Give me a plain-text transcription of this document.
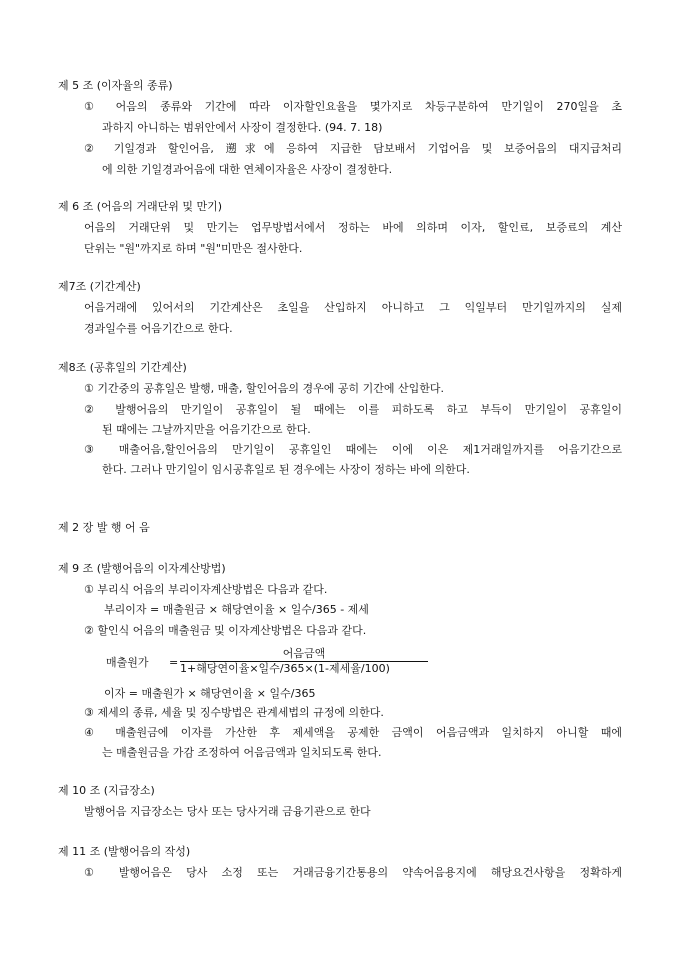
제 5 조 (이자율의 종류)
① 어음의 종류와 기간에 따라 이자할인요율을 몇가지로 차등구분하여 만기일이 270일을 초
과하지 아니하는 범위안에서 사장이 결정한다. (94. 7. 18)
② 기일경과 할인어음, 遡求에 응하여 지급한 담보배서 기업어음 및 보증어음의 대지급처리
에 의한 기일경과어음에 대한 연체이자율은 사장이 결정한다.
제 6 조 (어음의 거래단위 및 만기)
어음의 거래단위 및 만기는 업무방법서에서 정하는 바에 의하며 이자, 할인료, 보증료의 계산
단위는 "원"까지로 하며 "원"미만은 절사한다.
제7조 (기간계산)
어음거래에 있어서의 기간계산은 초일을 산입하지 아니하고 그 익일부터 만기일까지의 실제
경과일수를 어음기간으로 한다.
제8조 (공휴일의 기간계산)
① 기간중의 공휴일은 발행, 매출, 할인어음의 경우에 공히 기간에 산입한다.
② 발행어음의 만기일이 공휴일이 될 때에는 이를 피하도록 하고 부득이 만기일이 공휴일이
된 때에는 그날까지만을 어음기간으로 한다.
③ 매출어음,할인어음의 만기일이 공휴일인 때에는 이에 이은 제1거래일까지를 어음기간으로
한다. 그러나 만기일이 임시공휴일로 된 경우에는 사장이 정하는 바에 의한다.
제 2 장 발 행 어 음
제 9 조 (발행어음의 이자계산방법)
① 부리식 어음의 부리이자계산방법은 다음과 같다.
부리이자 = 매출원금 × 해당연이율 × 일수/365 - 제세
② 할인식 어음의 매출원금 및 이자계산방법은 다음과 같다.
매출원가 =
어음금액
1+해당연이율×일수/365×(1-제세율/100)
이자 = 매출원가 × 해당연이율 × 일수/365
③ 제세의 종류, 세율 및 징수방법은 관계세법의 규정에 의한다.
④ 매출원금에 이자를 가산한 후 제세액을 공제한 금액이 어음금액과 일치하지 아니할 때에
는 매출원금을 가감 조정하여 어음금액과 일치되도록 한다.
제 10 조 (지급장소)
발행어음 지급장소는 당사 또는 당사거래 금융기관으로 한다
제 11 조 (발행어음의 작성)
① 발행어음은 당사 소정 또는 거래금융기간통용의 약속어음용지에 해당요건사항을 정확하게
